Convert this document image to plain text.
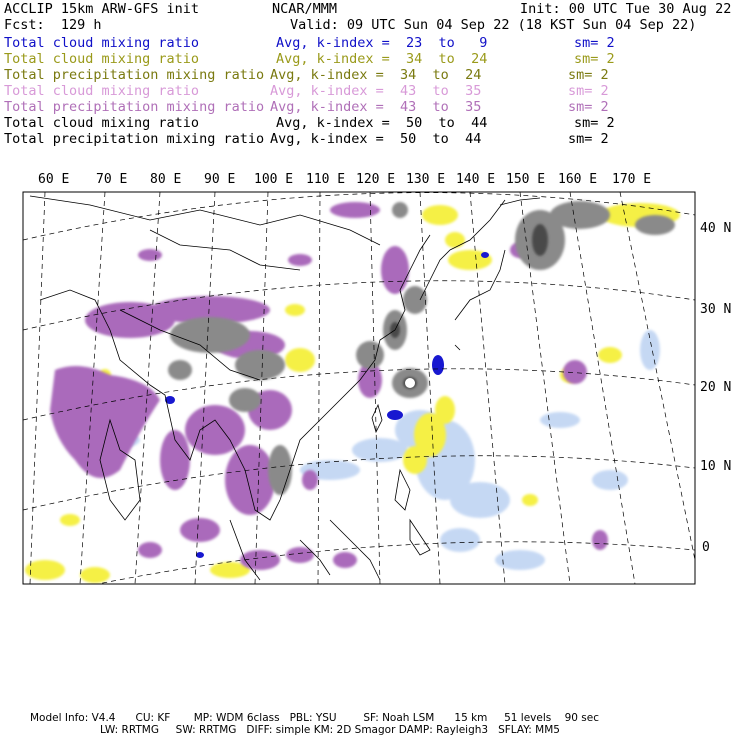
ACCLIP 15km ARW-GFS init	NCAR/MMM	Init: 00 UTC Tue 30 Aug 22
Fcst:  129 h	Valid: 09 UTC Sun 04 Sep 22 (18 KST Sun 04 Sep 22)
Total cloud mixing ratio	Avg, k-index =  23  to   9	sm= 2
Total cloud mixing ratio	Avg, k-index =  34  to  24	sm= 2
Total precipitation mixing ratio Avg, k-index =  34  to  24	sm= 2
Total cloud mixing ratio	Avg, k-index =  43  to  35	sm= 2
Total precipitation mixing ratio Avg, k-index =  43  to  35	sm= 2
Total cloud mixing ratio	Avg, k-index =  50  to  44	sm= 2
Total precipitation mixing ratio Avg, k-index =  50  to  44	sm= 2
60 E 70 E 80 E 90 E 100 E 110 E 120 E 130 E 140 E 150 E 160 E 170 E
40 N
30 N
20 N
10 N
0
Model Info: V4.4      CU: KF       MP: WDM 6class   PBL: YSU        SF: Noah LSM      15 km     51 levels    90 sec
LW: RRTMG     SW: RRTMG   DIFF: simple KM: 2D Smagor DAMP: Rayleigh3   SFLAY: MM5
